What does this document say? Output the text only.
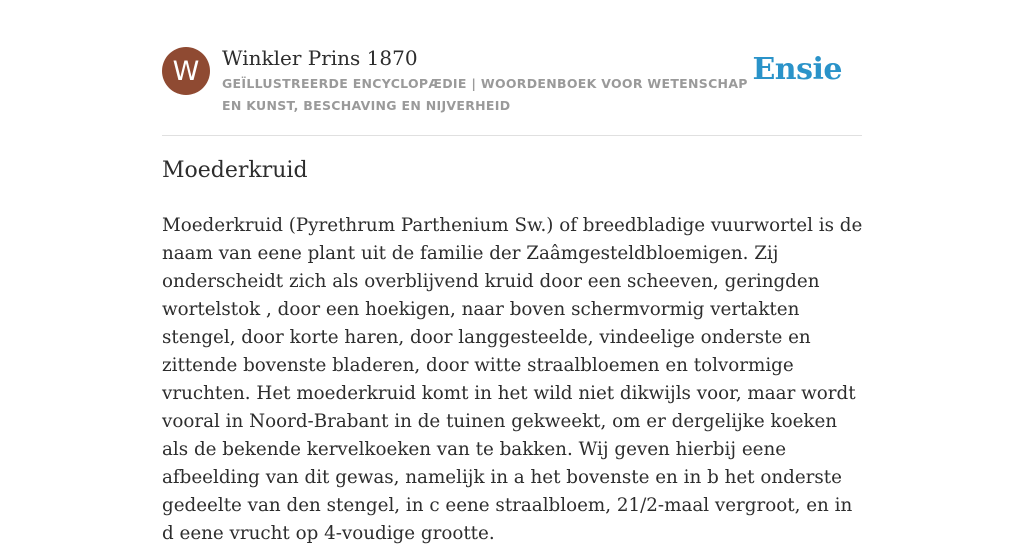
W	Winkler Prins 1870
GEÏLLUSTREERDE ENCYCLOPÆDIE | WOORDENBOEK VOOR WETENSCHAP EN KUNST, BESCHAVING EN NIJVERHEID
Ensie
Moederkruid

Moederkruid (Pyrethrum Parthenium Sw.) of breedbladige vuurwortel is de naam van eene plant uit de familie der Zaâmgesteldbloemigen. Zij onderscheidt zich als overblijvend kruid door een scheeven, geringden wortelstok , door een hoekigen, naar boven schermvormig vertakten stengel, door korte haren, door langgesteelde, vindeelige onderste en zittende bovenste bladeren, door witte straalbloemen en tolvormige vruchten. Het moederkruid komt in het wild niet dikwijls voor, maar wordt vooral in Noord-Brabant in de tuinen gekweekt, om er dergelijke koeken als de bekende kervelkoeken van te bakken. Wij geven hierbij eene afbeelding van dit gewas, namelijk in a het bovenste en in b het onderste gedeelte van den stengel, in c eene straalbloem, 21/2-maal vergroot, en in d eene vrucht op 4-voudige grootte.
